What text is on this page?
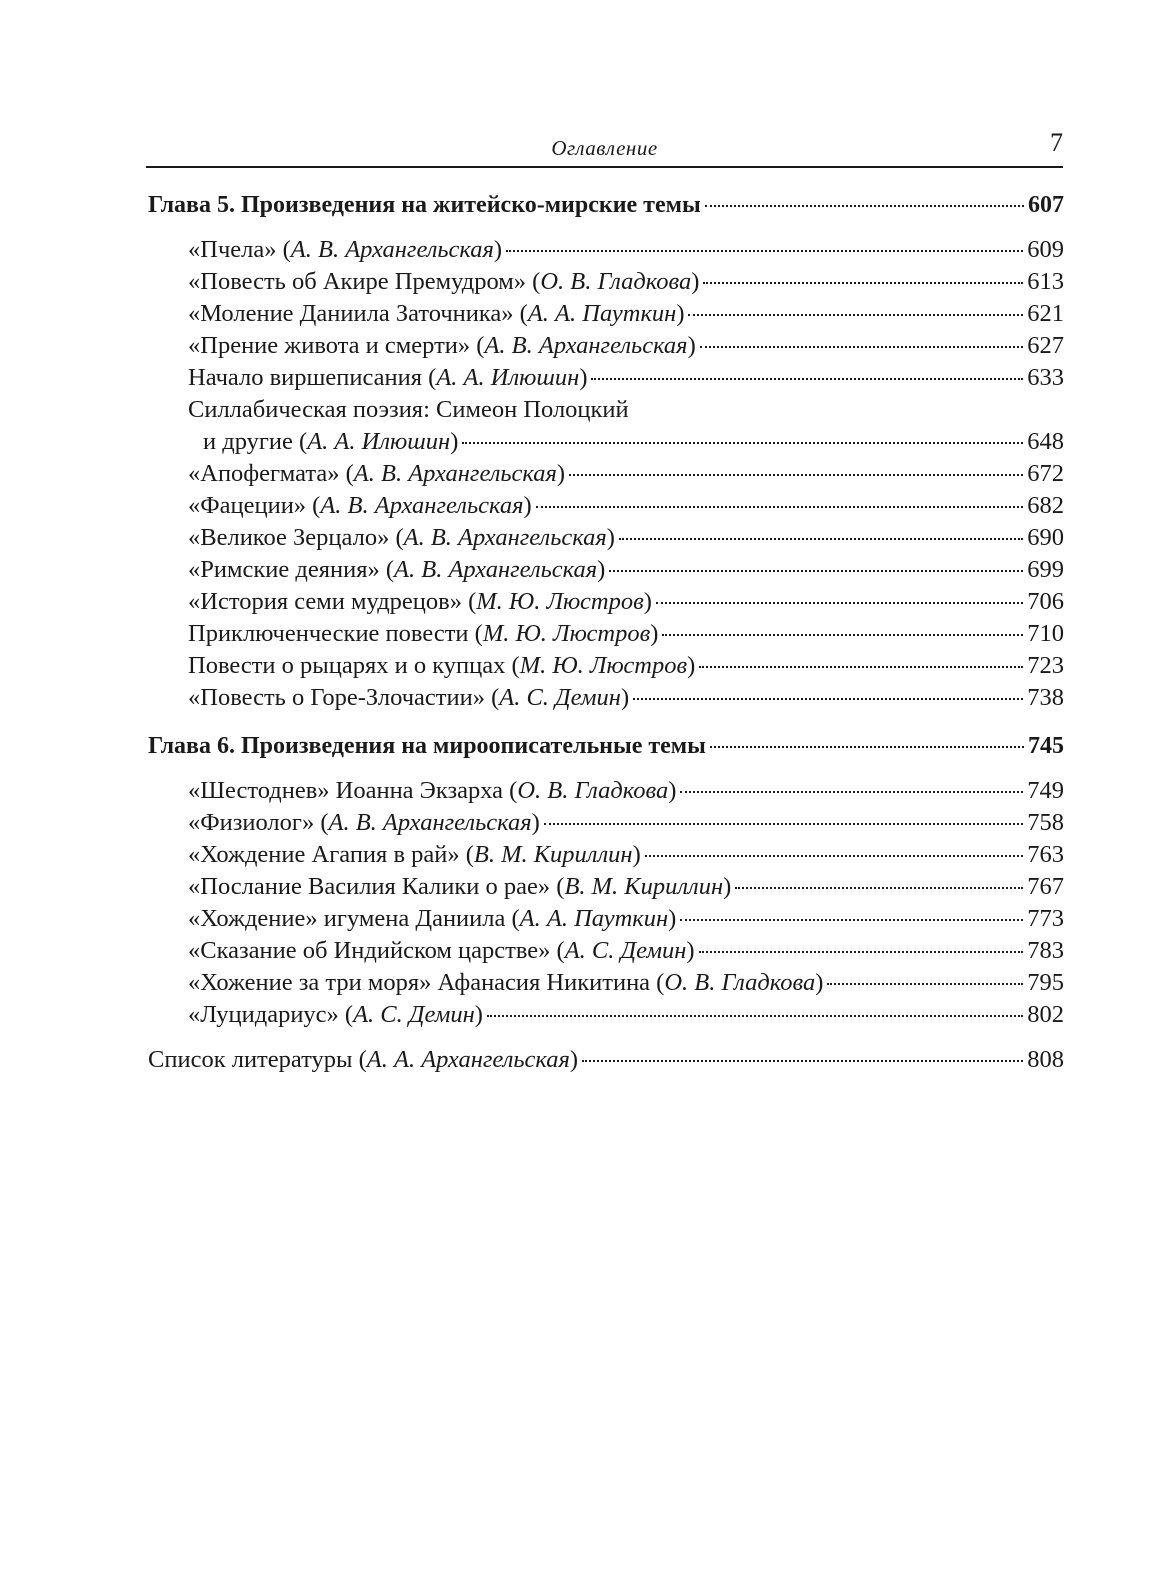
Оглавление	7
Глава 5. Произведения на житейско-мирские темы	607
«Пчела» (А. В. Архангельская)	609
«Повесть об Акире Премудром» (О. В. Гладкова)	613
«Моление Даниила Заточника» (А. А. Пауткин)	621
«Прение живота и смерти» (А. В. Архангельская)	627
Начало виршеписания (А. А. Илюшин)	633
Силлабическая поэзия: Симеон Полоцкий
и другие (А. А. Илюшин)	648
«Апофегмата» (А. В. Архангельская)	672
«Фацеции» (А. В. Архангельская)	682
«Великое Зерцало» (А. В. Архангельская)	690
«Римские деяния» (А. В. Архангельская)	699
«История семи мудрецов» (М. Ю. Люстров)	706
Приключенческие повести (М. Ю. Люстров)	710
Повести о рыцарях и о купцах (М. Ю. Люстров)	723
«Повесть о Горе-Злочастии» (А. С. Демин)	738
Глава 6. Произведения на мироописательные темы	745
«Шестоднев» Иоанна Экзарха (О. В. Гладкова)	749
«Физиолог» (А. В. Архангельская)	758
«Хождение Агапия в рай» (В. М. Кириллин)	763
«Послание Василия Калики о рае» (В. М. Кириллин)	767
«Хождение» игумена Даниила (А. А. Пауткин)	773
«Сказание об Индийском царстве» (А. С. Демин)	783
«Хожение за три моря» Афанасия Никитина (О. В. Гладкова)	795
«Луцидариус» (А. С. Демин)	802
Список литературы (А. А. Архангельская)	808
